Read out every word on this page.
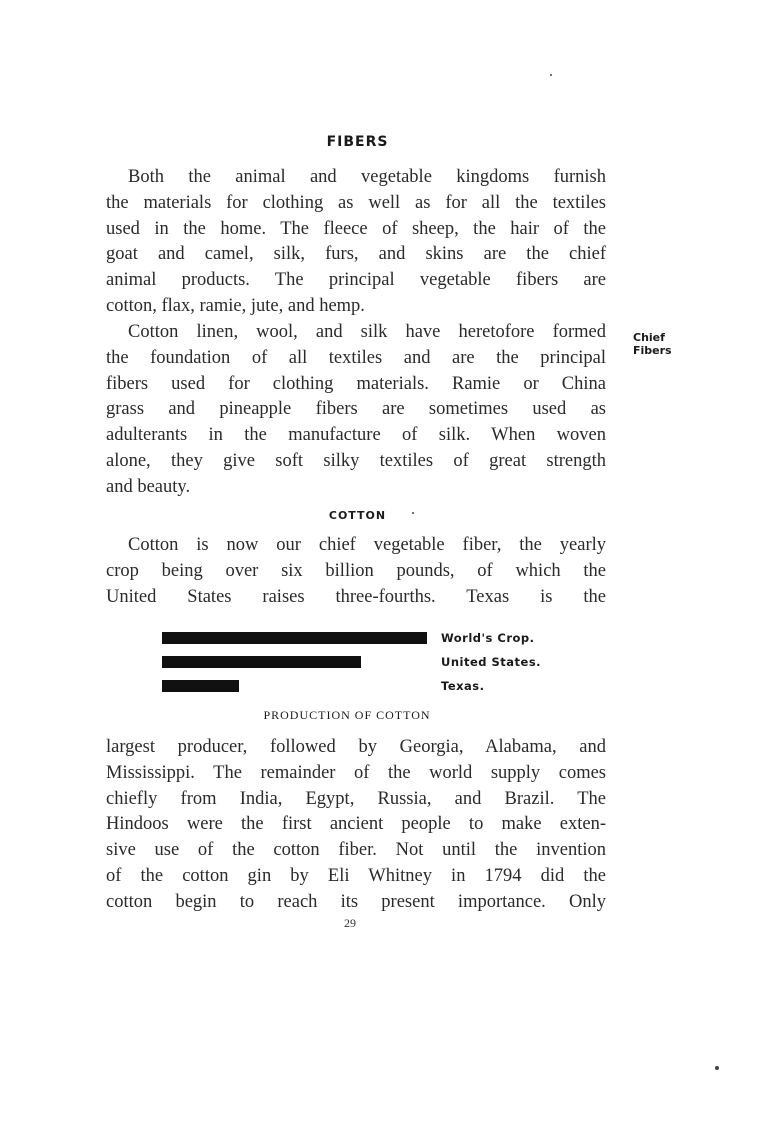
FIBERS
Both the animal and vegetable kingdoms furnish
the materials for clothing as well as for all the textiles
used in the home. The fleece of sheep, the hair of the
goat and camel, silk, furs, and skins are the chief
animal products. The principal vegetable fibers are
cotton, flax, ramie, jute, and hemp.
Cotton linen, wool, and silk have heretofore formed
the foundation of all textiles and are the principal
fibers used for clothing materials. Ramie or China
grass and pineapple fibers are sometimes used as
adulterants in the manufacture of silk. When woven
alone, they give soft silky textiles of great strength
and beauty.
Chief
Fibers
COTTON
Cotton is now our chief vegetable fiber, the yearly
crop being over six billion pounds, of which the
United States raises three-fourths. Texas is the
PRODUCTION OF COTTON
World's Crop.
United States.
Texas.
largest producer, followed by Georgia, Alabama, and
Mississippi. The remainder of the world supply comes
chiefly from India, Egypt, Russia, and Brazil. The
Hindoos were the first ancient people to make exten-
sive use of the cotton fiber. Not until the invention
of the cotton gin by Eli Whitney in 1794 did the
cotton begin to reach its present importance. Only
29
